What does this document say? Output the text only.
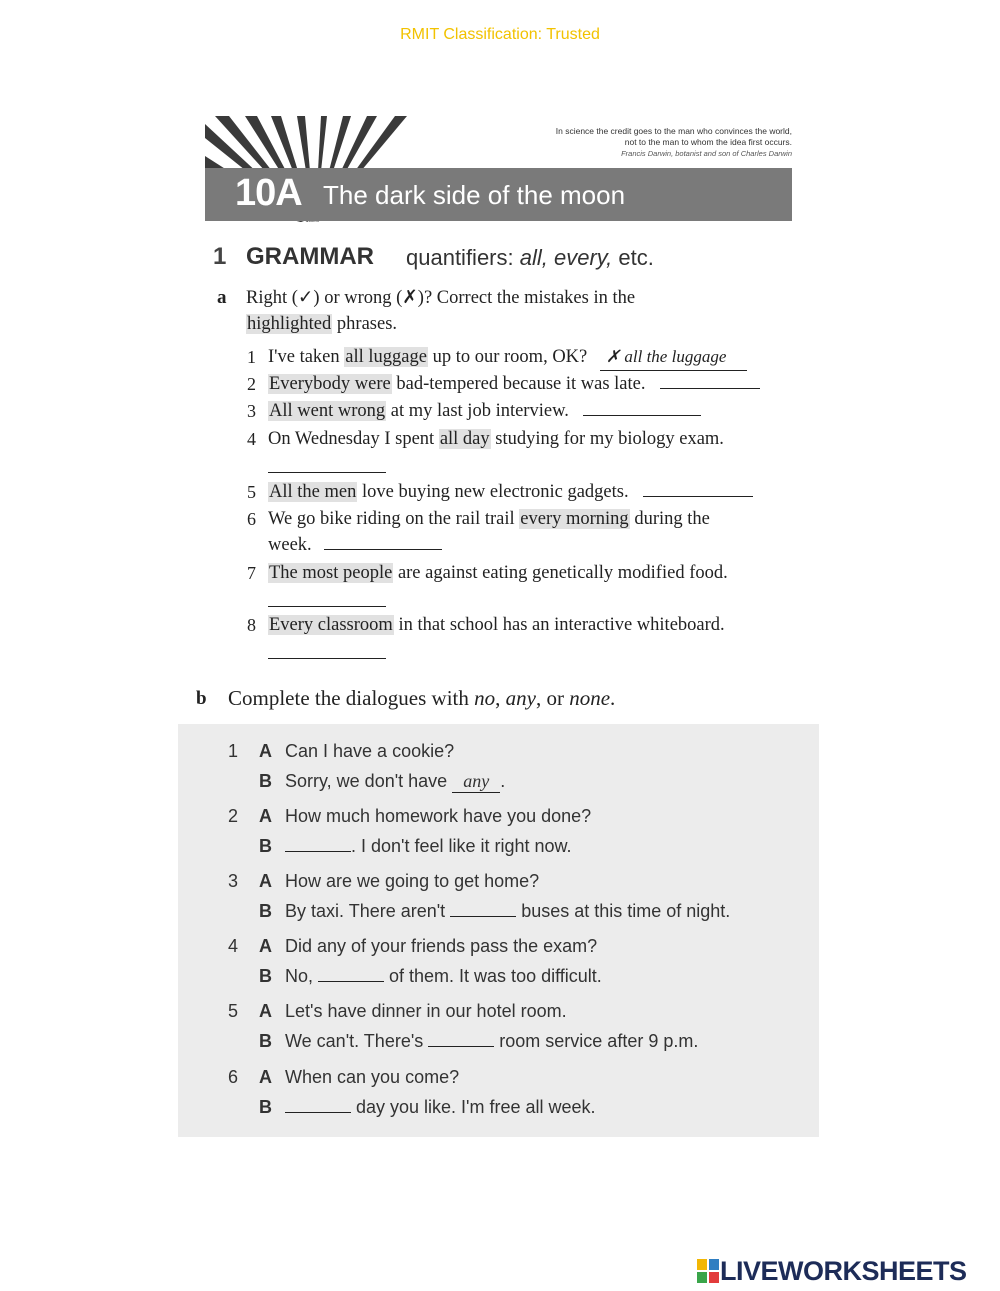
RMIT Classification: Trusted
In science the credit goes to the man who convinces the world,
not to the man to whom the idea first occurs.
Francis Darwin, botanist and son of Charles Darwin
10A The dark side of the moon
1 GRAMMAR quantifiers: all, every, etc.
a Right (✓) or wrong (✗)? Correct the mistakes in the
highlighted phrases.
1 I've taken all luggage up to our room, OK? ✗ all the luggage
2 Everybody were bad-tempered because it was late.
3 All went wrong at my last job interview.
4 On Wednesday I spent all day studying for my biology exam.
5 All the men love buying new electronic gadgets.
6 We go bike riding on the rail trail every morning during the
week.
7 The most people are against eating genetically modified food.
8 Every classroom in that school has an interactive whiteboard.
b Complete the dialogues with no, any, or none.
1 A Can I have a cookie?
B Sorry, we don't have any .
2 A How much homework have you done?
B	. I don't feel like it right now.
3 A How are we going to get home?
B By taxi. There aren't	buses at this time of night.
4 A Did any of your friends pass the exam?
B No,	of them. It was too difficult.
5 A Let's have dinner in our hotel room.
B We can't. There's	room service after 9 p.m.
6 A When can you come?
B	day you like. I'm free all week.
LIVEWORKSHEETS
